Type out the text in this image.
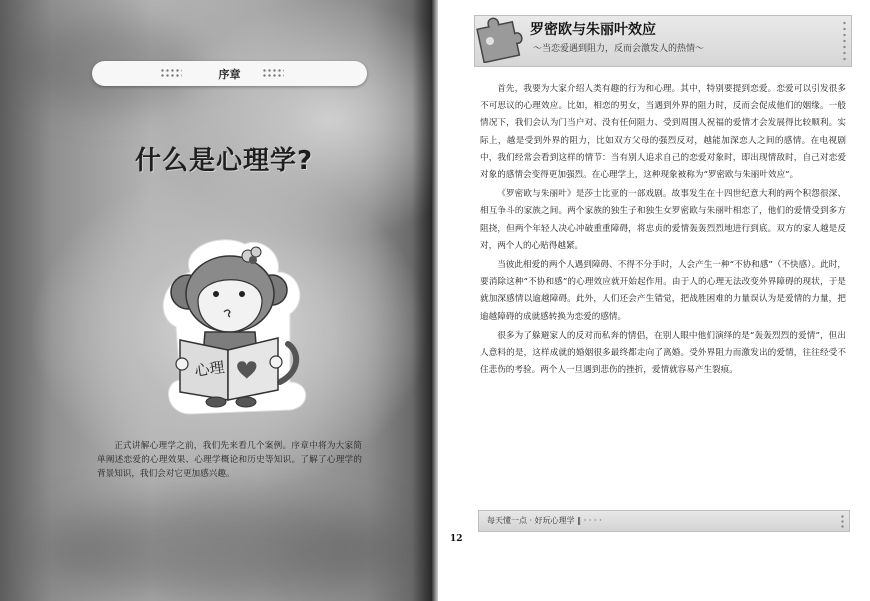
序章
什么是心理学?
心理

正式讲解心理学之前，我们先来看几个案例。序章中将为大家简单阐述恋爱的心理效果、心理学概论和历史等知识。了解了心理学的背景知识，我们会对它更加感兴趣。

罗密欧与朱丽叶效应
～当恋爱遇到阻力，反而会激发人的热情～

首先，我要为大家介绍人类有趣的行为和心理。其中，特别要提到恋爱。恋爱可以引发很多不可思议的心理效应。比如，相恋的男女，当遇到外界的阻力时，反而会促成他们的姻缘。一般情况下，我们会认为门当户对、没有任何阻力、受到周围人祝福的爱情才会发展得比较顺利。实际上，越是受到外界的阻力，比如双方父母的强烈反对，越能加深恋人之间的感情。在电视剧中，我们经常会看到这样的情节：当有别人追求自己的恋爱对象时，即出现情敌时，自己对恋爱对象的感情会变得更加强烈。在心理学上，这种现象被称为“罗密欧与朱丽叶效应”。

《罗密欧与朱丽叶》是莎士比亚的一部戏剧。故事发生在十四世纪意大利的两个积怨很深、相互争斗的家族之间。两个家族的独生子和独生女罗密欧与朱丽叶相恋了，他们的爱情受到多方阻挠，但两个年轻人决心冲破重重障碍，将忠贞的爱情轰轰烈烈地进行到底。双方的家人越是反对，两个人的心贴得越紧。

当彼此相爱的两个人遇到障碍、不得不分手时，人会产生一种“不协和感”（不快感）。此时，要消除这种“不协和感”的心理效应就开始起作用。由于人的心理无法改变外界障碍的现状，于是就加深感情以逾越障碍。此外，人们还会产生错觉，把战胜困难的力量误认为是爱情的力量，把逾越障碍的成就感转换为恋爱的感情。

很多为了躲避家人的反对而私奔的情侣，在别人眼中他们演绎的是“轰轰烈烈的爱情”，但出人意料的是，这样成就的婚姻很多最终都走向了离婚。受外界阻力而激发出的爱情，往往经受不住悲伤的考验。两个人一旦遇到悲伤的挫折，爱情就容易产生裂痕。

每天懂一点 · 好玩心理学 ‖ · · · ·
12
